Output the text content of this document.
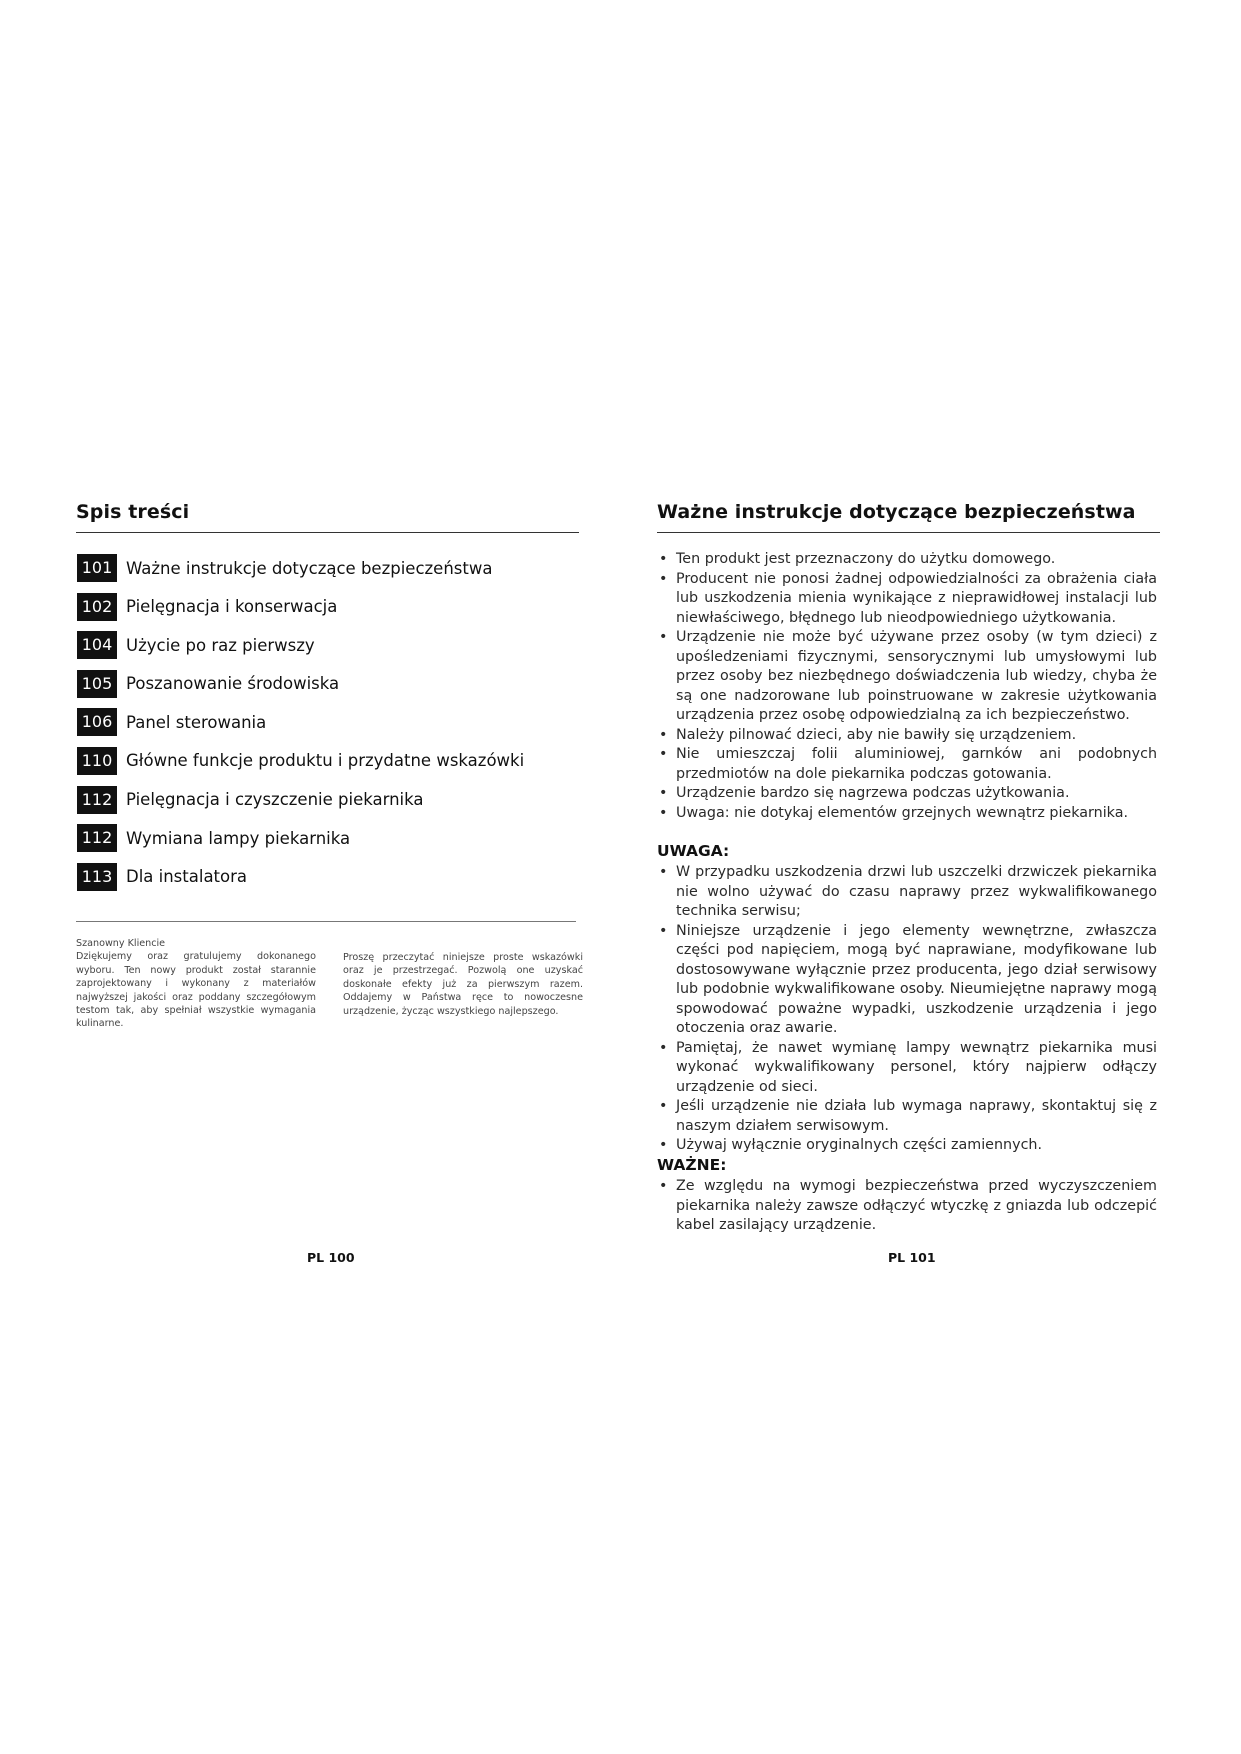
Spis treści
101 Ważne instrukcje dotyczące bezpieczeństwa
102 Pielęgnacja i konserwacja
104 Użycie po raz pierwszy
105 Poszanowanie środowiska
106 Panel sterowania
110 Główne funkcje produktu i przydatne wskazówki
112 Pielęgnacja i czyszczenie piekarnika
112 Wymiana lampy piekarnika
113 Dla instalatora

Szanowny Kliencie

Dziękujemy oraz gratulujemy dokonanego wyboru. Ten nowy produkt został starannie zaprojektowany i wykonany z materiałów najwyższej jakości oraz poddany szczegółowym testom tak, aby spełniał wszystkie wymagania kulinarne.

Proszę przeczytać niniejsze proste wskazówki oraz je przestrzegać. Pozwolą one uzyskać doskonałe efekty już za pierwszym razem. Oddajemy w Państwa ręce to nowoczesne urządzenie, życząc wszystkiego najlepszego.

PL 100
Ważne instrukcje dotyczące bezpieczeństwa
• Ten produkt jest przeznaczony do użytku domowego.
• Producent nie ponosi żadnej odpowiedzialności za obrażenia ciała lub uszkodzenia mienia wynikające z nieprawidłowej instalacji lub niewłaściwego, błędnego lub nieodpowiedniego użytkowania.
• Urządzenie nie może być używane przez osoby (w tym dzieci) z upośledzeniami fizycznymi, sensorycznymi lub umysłowymi lub przez osoby bez niezbędnego doświadczenia lub wiedzy, chyba że są one nadzorowane lub poinstruowane w zakresie użytkowania urządzenia przez osobę odpowiedzialną za ich bezpieczeństwo.
• Należy pilnować dzieci, aby nie bawiły się urządzeniem.
• Nie umieszczaj folii aluminiowej, garnków ani podobnych przedmiotów na dole piekarnika podczas gotowania.
• Urządzenie bardzo się nagrzewa podczas użytkowania.
• Uwaga: nie dotykaj elementów grzejnych wewnątrz piekarnika.
UWAGA:
• W przypadku uszkodzenia drzwi lub uszczelki drzwiczek piekarnika nie wolno używać do czasu naprawy przez wykwalifikowanego technika serwisu;
• Niniejsze urządzenie i jego elementy wewnętrzne, zwłaszcza części pod napięciem, mogą być naprawiane, modyfikowane lub dostosowywane wyłącznie przez producenta, jego dział serwisowy lub podobnie wykwalifikowane osoby. Nieumiejętne naprawy mogą spowodować poważne wypadki, uszkodzenie urządzenia i jego otoczenia oraz awarie.
• Pamiętaj, że nawet wymianę lampy wewnątrz piekarnika musi wykonać wykwalifikowany personel, który najpierw odłączy urządzenie od sieci.
• Jeśli urządzenie nie działa lub wymaga naprawy, skontaktuj się z naszym działem serwisowym.
• Używaj wyłącznie oryginalnych części zamiennych.
WAŻNE:
• Ze względu na wymogi bezpieczeństwa przed wyczyszczeniem piekarnika należy zawsze odłączyć wtyczkę z gniazda lub odczepić kabel zasilający urządzenie.
PL 101
